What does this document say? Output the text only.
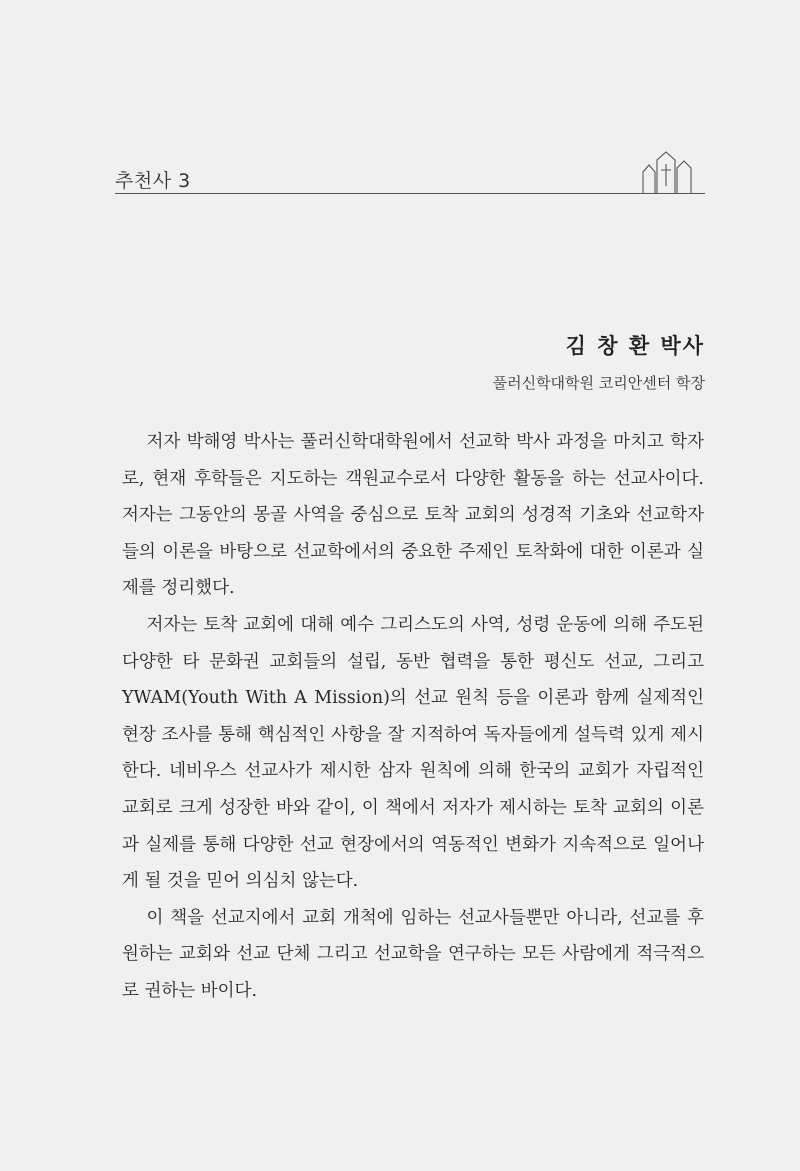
추천사 3
김 창 환 박사
풀러신학대학원 코리안센터 학장

저자 박해영 박사는 풀러신학대학원에서 선교학 박사 과정을 마치고 학자로, 현재 후학들은 지도하는 객원교수로서 다양한 활동을 하는 선교사이다. 저자는 그동안의 몽골 사역을 중심으로 토착 교회의 성경적 기초와 선교학자들의 이론을 바탕으로 선교학에서의 중요한 주제인 토착화에 대한 이론과 실제를 정리했다.

저자는 토착 교회에 대해 예수 그리스도의 사역, 성령 운동에 의해 주도된 다양한 타 문화권 교회들의 설립, 동반 협력을 통한 평신도 선교, 그리고 YWAM(Youth With A Mission)의 선교 원칙 등을 이론과 함께 실제적인 현장 조사를 통해 핵심적인 사항을 잘 지적하여 독자들에게 설득력 있게 제시한다. 네비우스 선교사가 제시한 삼자 원칙에 의해 한국의 교회가 자립적인 교회로 크게 성장한 바와 같이, 이 책에서 저자가 제시하는 토착 교회의 이론과 실제를 통해 다양한 선교 현장에서의 역동적인 변화가 지속적으로 일어나게 될 것을 믿어 의심치 않는다.

이 책을 선교지에서 교회 개척에 임하는 선교사들뿐만 아니라, 선교를 후원하는 교회와 선교 단체 그리고 선교학을 연구하는 모든 사람에게 적극적으로 권하는 바이다.
